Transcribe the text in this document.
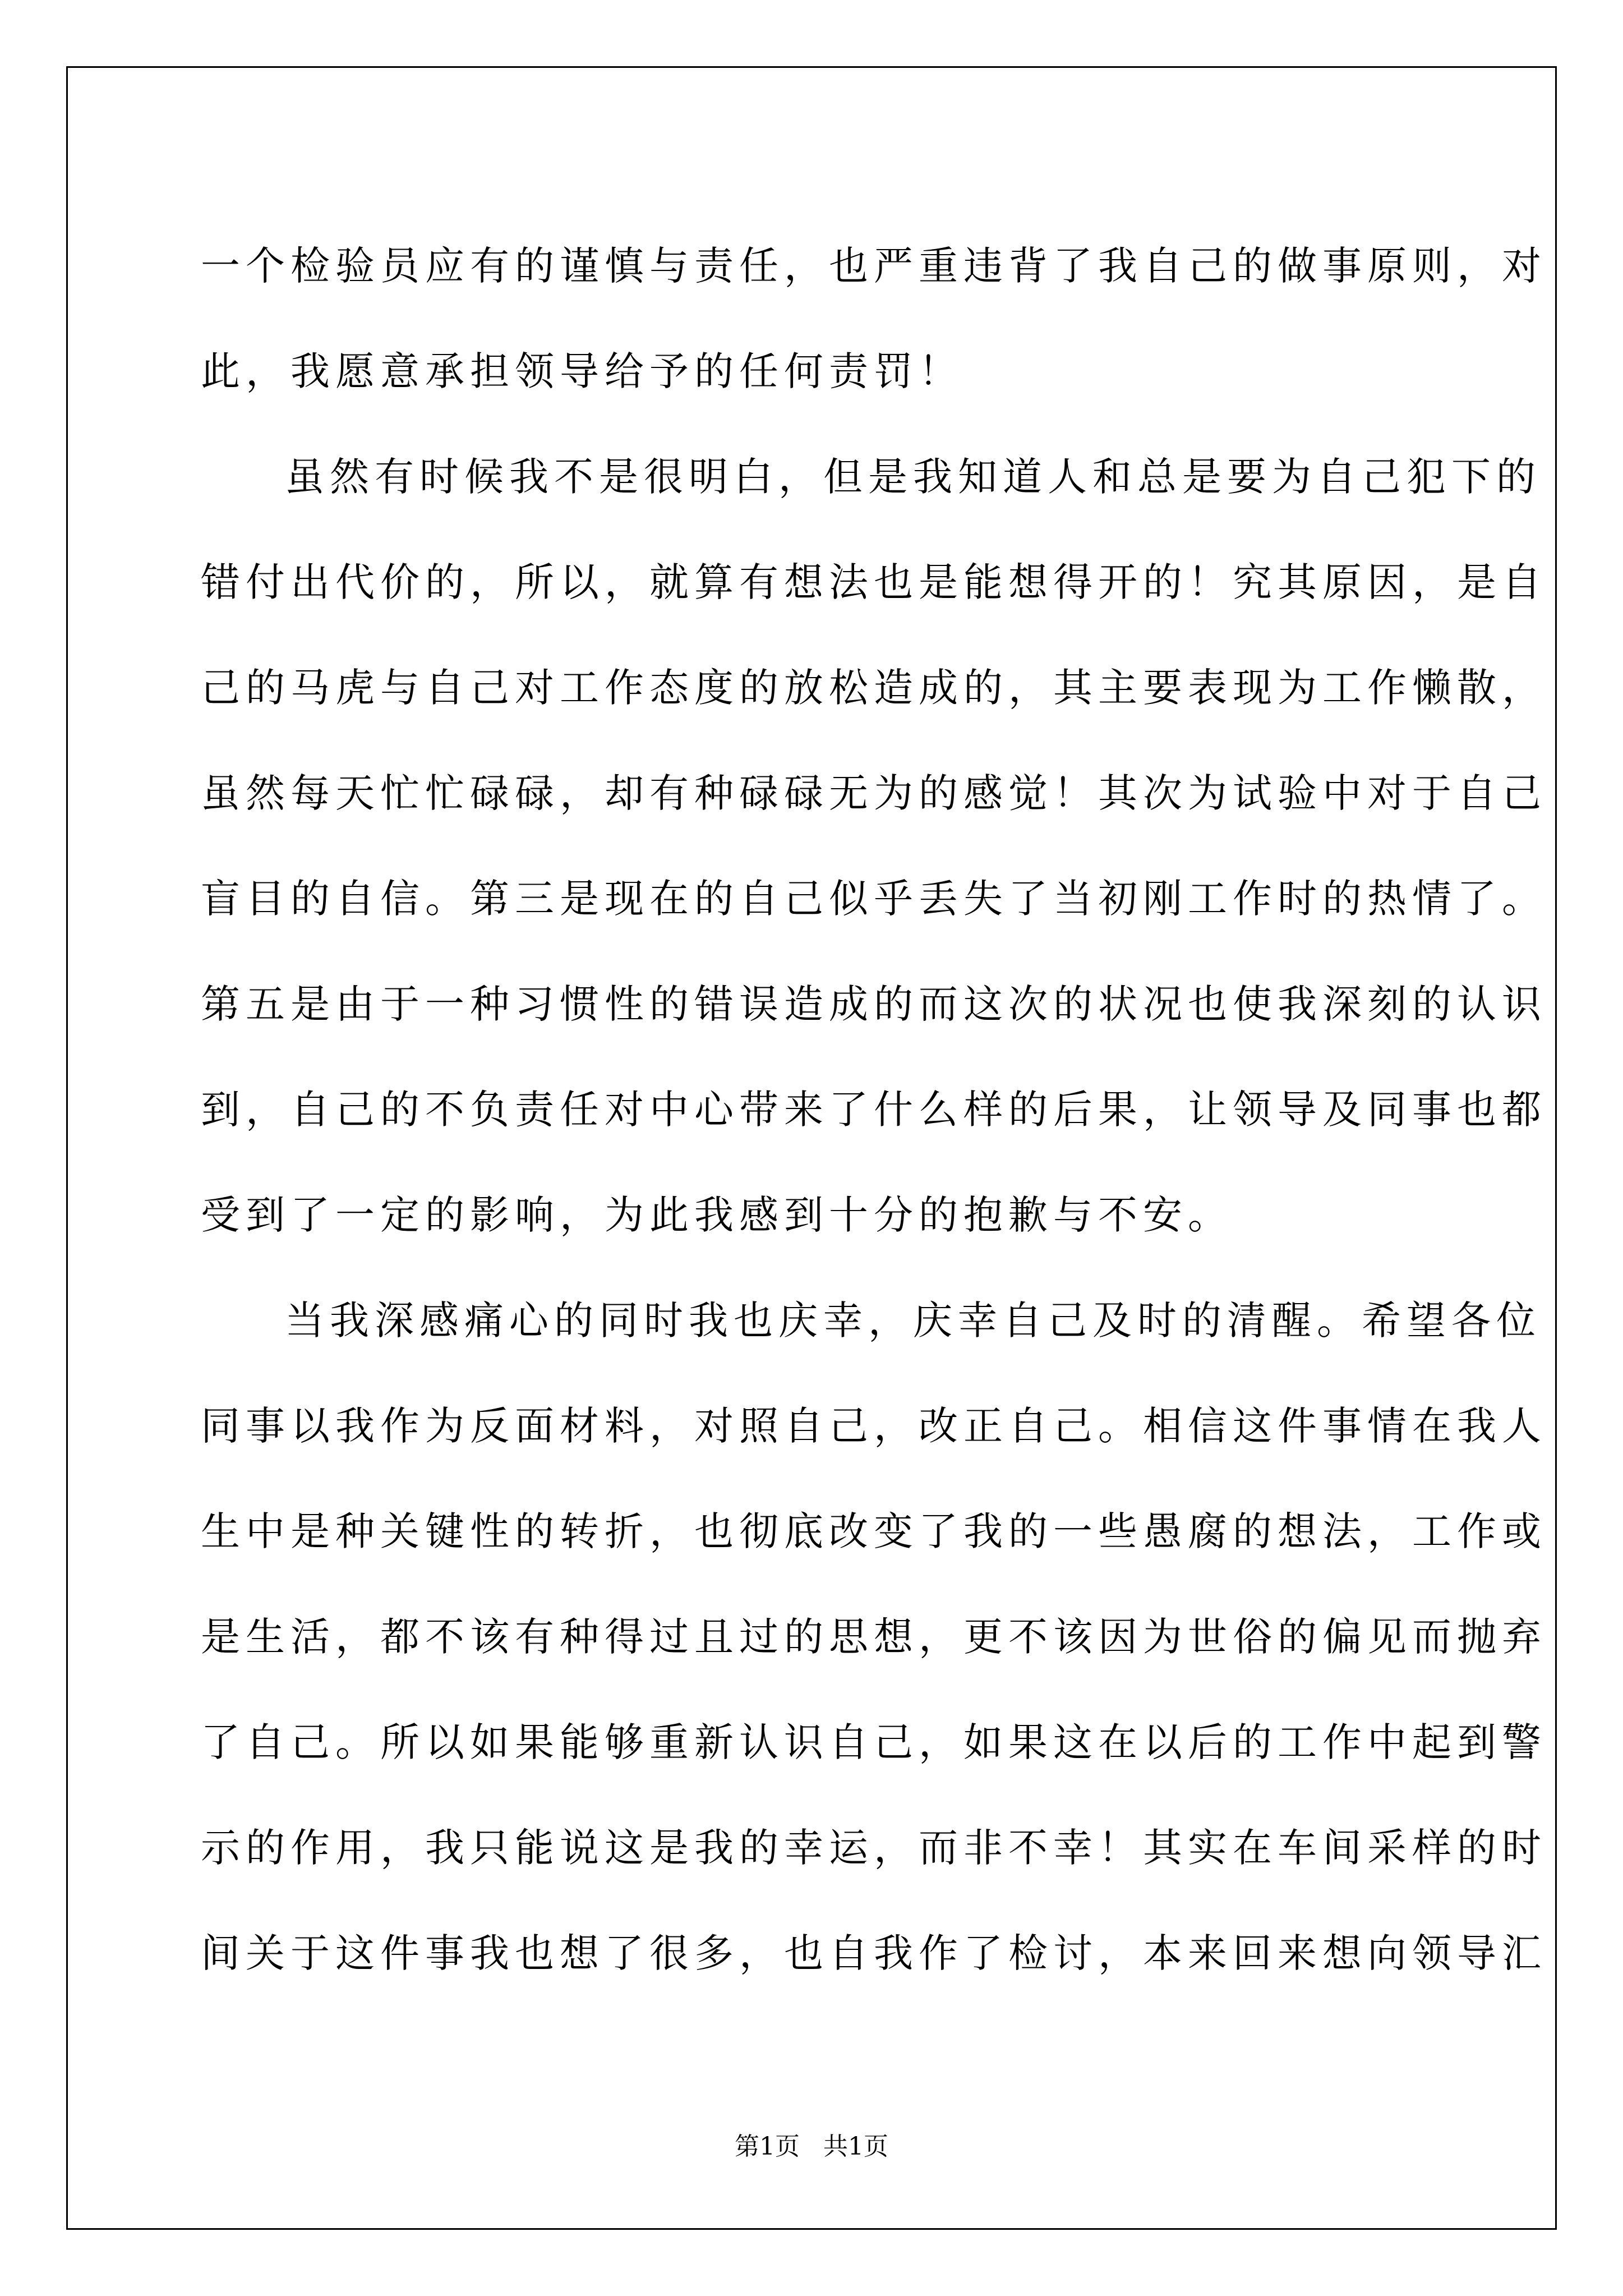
一个检验员应有的谨慎与责任，也严重违背了我自己的做事原则，对
此，我愿意承担领导给予的任何责罚！
虽然有时候我不是很明白，但是我知道人和总是要为自己犯下的
错付出代价的，所以，就算有想法也是能想得开的！究其原因，是自
己的马虎与自己对工作态度的放松造成的，其主要表现为工作懒散，
虽然每天忙忙碌碌，却有种碌碌无为的感觉！其次为试验中对于自己
盲目的自信。第三是现在的自己似乎丢失了当初刚工作时的热情了。
第五是由于一种习惯性的错误造成的而这次的状况也使我深刻的认识
到，自己的不负责任对中心带来了什么样的后果，让领导及同事也都
受到了一定的影响，为此我感到十分的抱歉与不安。
当我深感痛心的同时我也庆幸，庆幸自己及时的清醒。希望各位
同事以我作为反面材料，对照自己，改正自己。相信这件事情在我人
生中是种关键性的转折，也彻底改变了我的一些愚腐的想法，工作或
是生活，都不该有种得过且过的思想，更不该因为世俗的偏见而抛弃
了自己。所以如果能够重新认识自己，如果这在以后的工作中起到警
示的作用，我只能说这是我的幸运，而非不幸！其实在车间采样的时
间关于这件事我也想了很多，也自我作了检讨，本来回来想向领导汇
第1页   共1页
